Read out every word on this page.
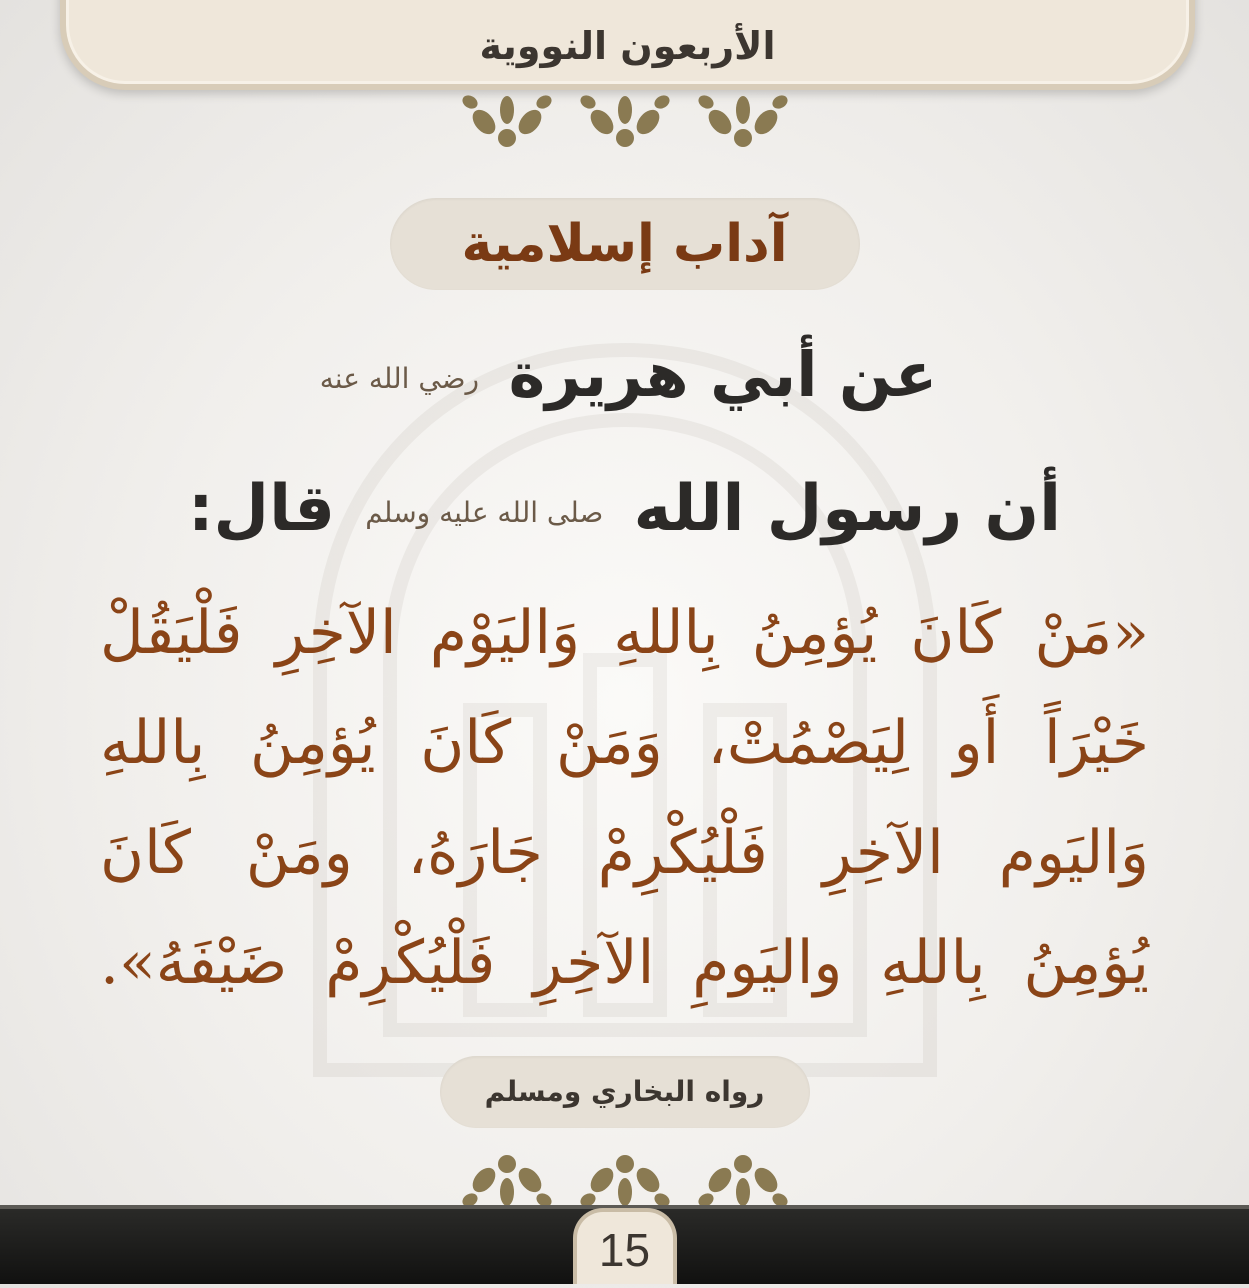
الأربعون النووية
آداب إسلامية
عن أبي هريرة رضي الله عنه
أن رسول الله صلى الله عليه وسلم قال:
«مَنْ كَانَ يُؤمِنُ بِاللهِ وَاليَوْم الآخِرِ فَلْيَقُلْ
خَيْرَاً أَو لِيَصْمُتْ، وَمَنْ كَانَ يُؤمِنُ بِاللهِ
وَاليَوم الآخِرِ فَلْيُكْرِمْ جَارَهُ، ومَنْ كَانَ
يُؤمِنُ بِاللهِ واليَومِ الآخِرِ فَلْيُكْرِمْ ضَيْفَهُ».
رواه البخاري ومسلم
15
